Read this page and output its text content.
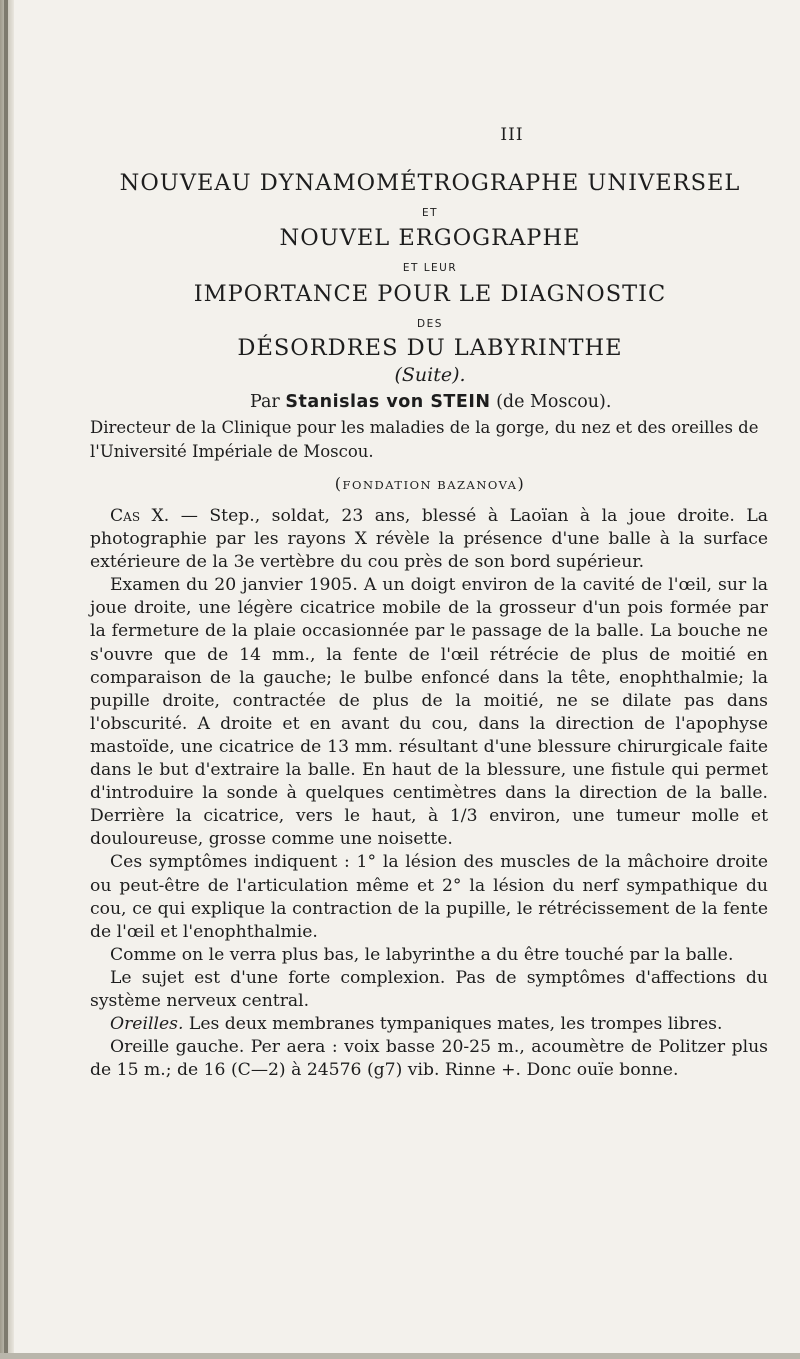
III
NOUVEAU DYNAMOMÉTROGRAPHE UNIVERSEL
ET
NOUVEL ERGOGRAPHE
ET LEUR
IMPORTANCE POUR LE DIAGNOSTIC
DES
DÉSORDRES DU LABYRINTHE
(Suite).
Par Stanislas von STEIN (de Moscou).
Directeur de la Clinique pour les maladies de la gorge, du nez et des oreilles de l'Université Impériale de Moscou.
(FONDATION BAZANOVA)

Cas X. — Step., soldat, 23 ans, blessé à Laoïan à la joue droite. La photographie par les rayons X révèle la présence d'une balle à la surface extérieure de la 3e vertèbre du cou près de son bord supérieur.

Examen du 20 janvier 1905. A un doigt environ de la cavité de l'œil, sur la joue droite, une légère cicatrice mobile de la grosseur d'un pois formée par la fermeture de la plaie occasionnée par le passage de la balle. La bouche ne s'ouvre que de 14 mm., la fente de l'œil rétrécie de plus de moitié en comparaison de la gauche; le bulbe enfoncé dans la tête, enophthalmie; la pupille droite, contractée de plus de la moitié, ne se dilate pas dans l'obscurité. A droite et en avant du cou, dans la direction de l'apophyse mastoïde, une cicatrice de 13 mm. résultant d'une blessure chirurgicale faite dans le but d'extraire la balle. En haut de la blessure, une fistule qui permet d'introduire la sonde à quelques centimètres dans la direction de la balle. Derrière la cicatrice, vers le haut, à 1/3 environ, une tumeur molle et douloureuse, grosse comme une noisette.

Ces symptômes indiquent : 1° la lésion des muscles de la mâchoire droite ou peut-être de l'articulation même et 2° la lésion du nerf sympathique du cou, ce qui explique la contraction de la pupille, le rétrécissement de la fente de l'œil et l'enophthalmie.

Comme on le verra plus bas, le labyrinthe a du être touché par la balle.

Le sujet est d'une forte complexion. Pas de symptômes d'affections du système nerveux central.

Oreilles. Les deux membranes tympaniques mates, les trompes libres.

Oreille gauche. Per aera : voix basse 20-25 m., acoumètre de Politzer plus de 15 m.; de 16 (C—2) à 24576 (g7) vib. Rinne +. Donc ouïe bonne.
